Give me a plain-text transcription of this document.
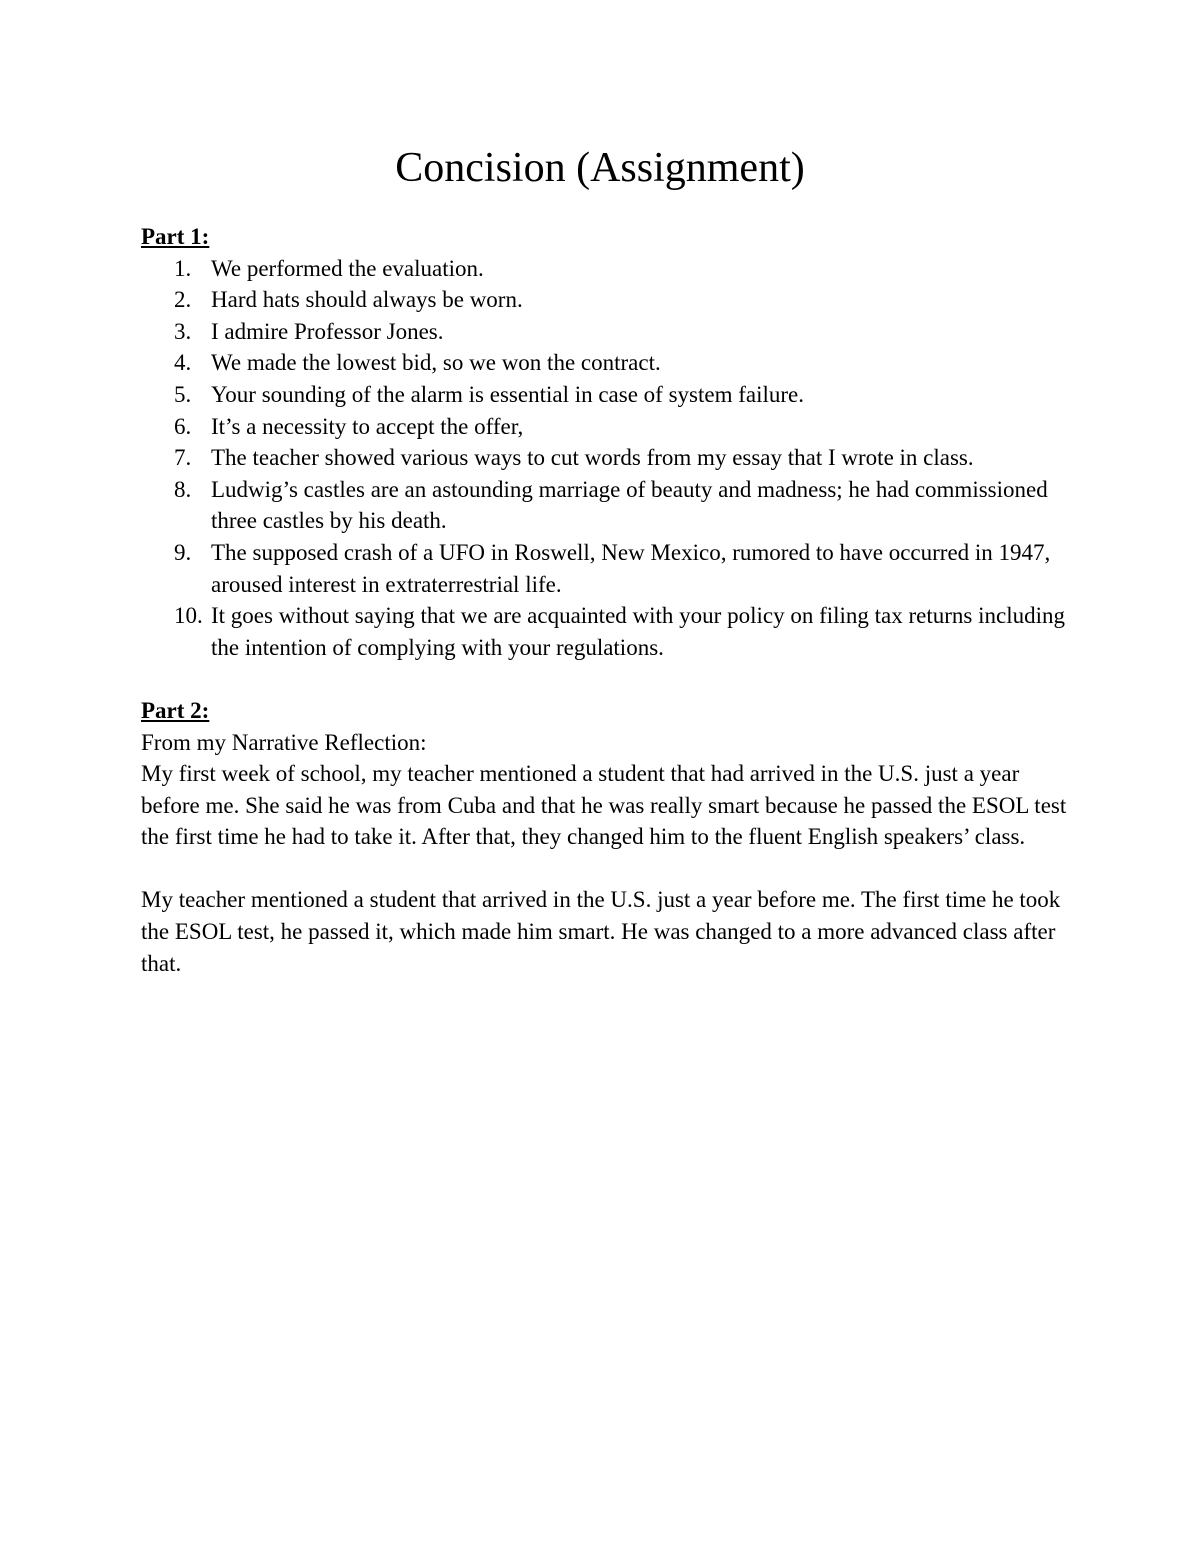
Concision (Assignment)
Part 1:
1. We performed the evaluation.
2. Hard hats should always be worn.
3. I admire Professor Jones.
4. We made the lowest bid, so we won the contract.
5. Your sounding of the alarm is essential in case of system failure.
6. It’s a necessity to accept the offer,
7. The teacher showed various ways to cut words from my essay that I wrote in class.
8. Ludwig’s castles are an astounding marriage of beauty and madness; he had commissioned three castles by his death.
9. The supposed crash of a UFO in Roswell, New Mexico, rumored to have occurred in 1947, aroused interest in extraterrestrial life.
10. It goes without saying that we are acquainted with your policy on filing tax returns including the intention of complying with your regulations.
Part 2:

From my Narrative Reflection:

My first week of school, my teacher mentioned a student that had arrived in the U.S. just a year before me. She said he was from Cuba and that he was really smart because he passed the ESOL test the first time he had to take it. After that, they changed him to the fluent English speakers’ class.

My teacher mentioned a student that arrived in the U.S. just a year before me. The first time he took the ESOL test, he passed it, which made him smart. He was changed to a more advanced class after that.
